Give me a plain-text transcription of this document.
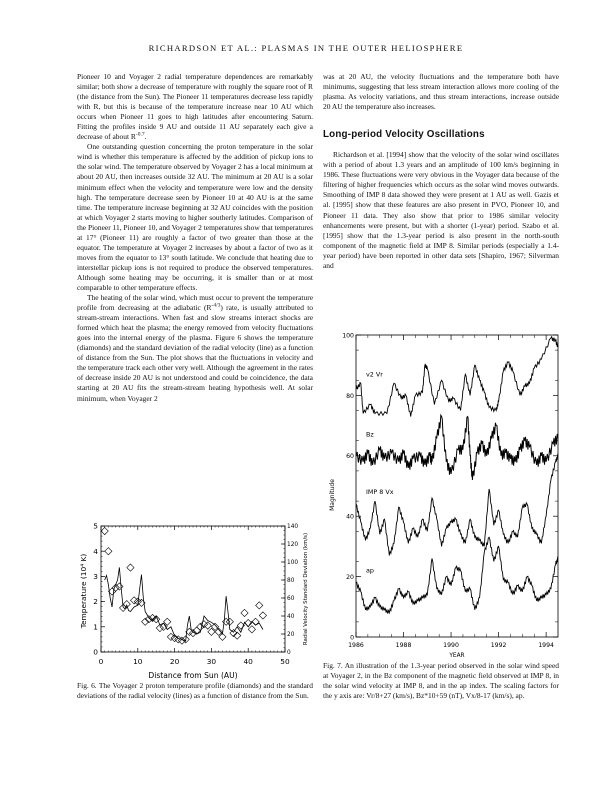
RICHARDSON ET AL.: PLASMAS IN THE OUTER HELIOSPHERE

Pioneer 10 and Voyager 2 radial temperature dependences are remarkably similar; both show a decrease of temperature with roughly the square root of R (the distance from the Sun). The Pioneer 11 temperatures decrease less rapidly with R, but this is because of the temperature increase near 10 AU which occurs when Pioneer 11 goes to high latitudes after encountering Saturn. Fitting the profiles inside 9 AU and outside 11 AU separately each give a decrease of about $R^{-0.7}$.

One outstanding question concerning the proton temperature in the solar wind is whether this temperature is affected by the addition of pickup ions to the solar wind. The temperature observed by Voyager 2 has a local minimum at about 20 AU, then increases outside 32 AU. The minimum at 20 AU is a solar minimum effect when the velocity and temperature were low and the density high. The temperature decrease seen by Pioneer 10 at 40 AU is at the same time. The temperature increase beginning at 32 AU coincides with the position at which Voyager 2 starts moving to higher southerly latitudes. Comparison of the Pioneer 11, Pioneer 10, and Voyager 2 temperatures show that temperatures at 17° (Pioneer 11) are roughly a factor of two greater than those at the equator. The temperature at Voyager 2 increases by about a factor of two as it moves from the equator to 13° south latitude. We conclude that heating due to interstellar pickup ions is not required to produce the observed temperatures. Although some heating may be occurring, it is smaller than or at most comparable to other temperature effects.

The heating of the solar wind, which must occur to prevent the temperature profile from decreasing at the adiabatic $(R^{-4/3})$ rate, is usually attributed to stream-stream interactions. When fast and slow streams interact shocks are formed which heat the plasma; the energy removed from velocity fluctuations goes into the internal energy of the plasma. Figure 6 shows the temperature (diamonds) and the standard deviation of the radial velocity (line) as a function of distance from the Sun. The plot shows that the fluctuations in velocity and the temperature track each other very well. Although the agreement in the rates of decrease inside 20 AU is not understood and could be coincidence, the data starting at 20 AU fits the stream-stream heating hypothesis well. At solar minimum, when Voyager 2

was at 20 AU, the velocity fluctuations and the temperature both have minimums, suggesting that less stream interaction allows more cooling of the plasma. As velocity variations, and thus stream interactions, increase outside 20 AU the temperature also increases.

Long-period Velocity Oscillations

Richardson et al. [1994] show that the velocity of the solar wind oscillates with a period of about 1.3 years and an amplitude of 100 km/s beginning in 1986. These fluctuations were very obvious in the Voyager data because of the filtering of higher frequencies which occurs as the solar wind moves outwards. Smoothing of IMP 8 data showed they were present at 1 AU as well. Gazis et al. [1995] show that these features are also present in PVO, Pioneer 10, and Pioneer 11 data. They also show that prior to 1986 similar velocity enhancements were present, but with a shorter (1-year) period. Szabo et al. [1995] show that the 1.3-year period is also present in the north-south component of the magnetic field at IMP 8. Similar periods (especially a 1.4-year period) have been reported in other data sets [Shapiro, 1967; Silverman and

0	10	20	30	40	50
0
1
2
3
4
5
0
20
40
60
80
100
120
140
Distance from Sun (AU)
Temperature (10⁴ K)	Radial Velocity Standard Deviation (km/s)
Fig. 6. The Voyager 2 proton temperature profile (diamonds) and the standard deviations of the radial velocity (lines) as a function of distance from the Sun.
1986	1988	1990	1992	1994
0
20
40
60
80
100
v2 Vr
Bz
IMP 8 Vx
ap
YEAR
Magnitude
Fig. 7. An illustration of the 1.3-year period observed in the solar wind speed at Voyager 2, in the Bz component of the magnetic field observed at IMP 8, in the solar wind velocity at IMP 8, and in the ap index. The scaling factors for the y axis are: Vr/8+27 (km/s), Bz*10+59 (nT), Vx/8-17 (km/s), ap.
